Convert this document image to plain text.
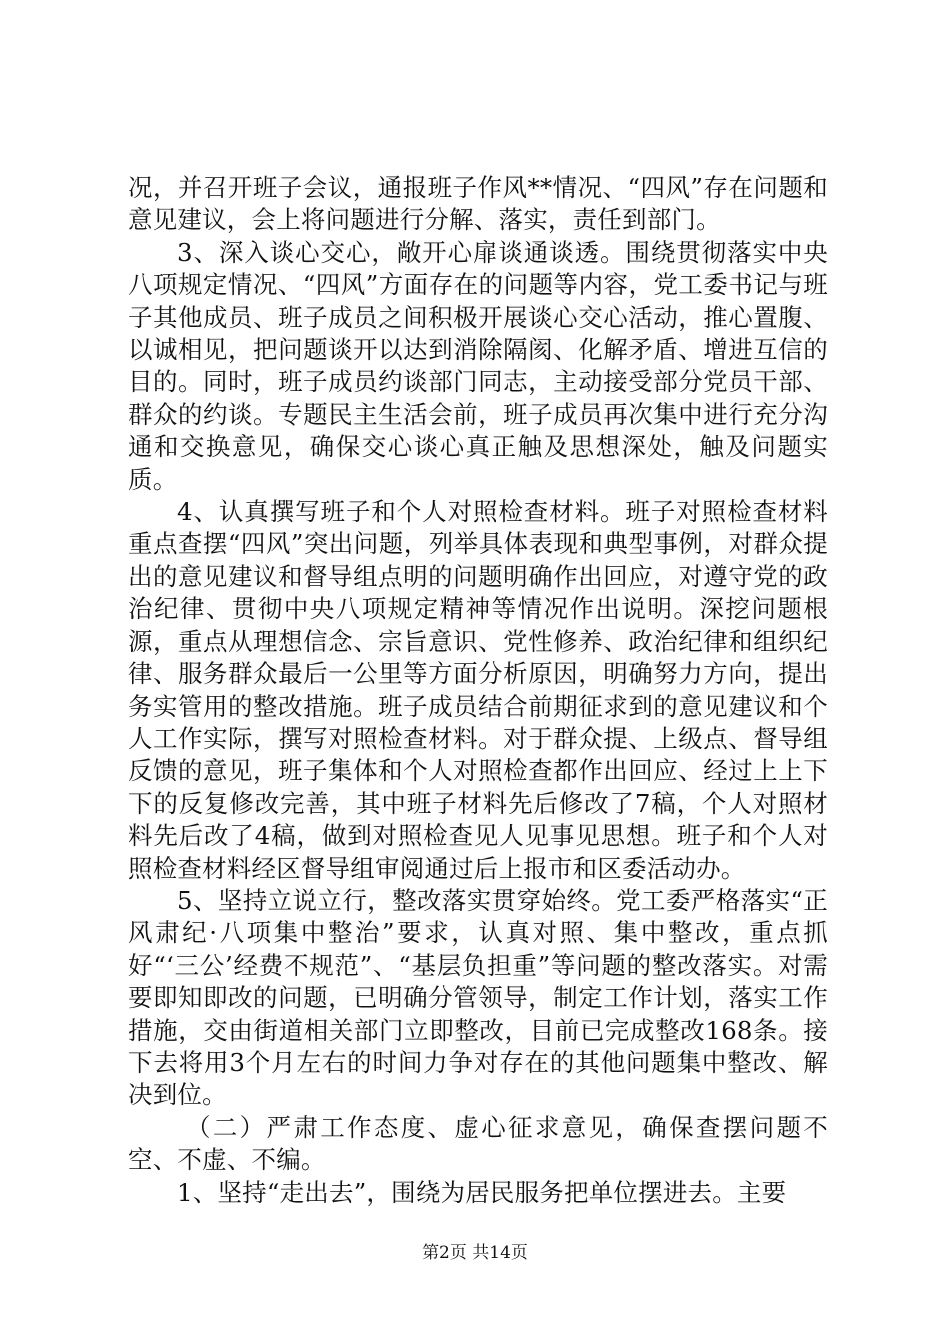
况，并召开班子会议，通报班子作风**情况、“四风”存在问题和意见建议，会上将问题进行分解、落实，责任到部门。

3、深入谈心交心，敞开心扉谈通谈透。围绕贯彻落实中央八项规定情况、“四风”方面存在的问题等内容，党工委书记与班子其他成员、班子成员之间积极开展谈心交心活动，推心置腹、以诚相见，把问题谈开以达到消除隔阂、化解矛盾、增进互信的目的。同时，班子成员约谈部门同志，主动接受部分党员干部、群众的约谈。专题民主生活会前，班子成员再次集中进行充分沟通和交换意见，确保交心谈心真正触及思想深处，触及问题实质。

4、认真撰写班子和个人对照检查材料。班子对照检查材料重点查摆“四风”突出问题，列举具体表现和典型事例，对群众提出的意见建议和督导组点明的问题明确作出回应，对遵守党的政治纪律、贯彻中央八项规定精神等情况作出说明。深挖问题根源，重点从理想信念、宗旨意识、党性修养、政治纪律和组织纪律、服务群众最后一公里等方面分析原因，明确努力方向，提出务实管用的整改措施。班子成员结合前期征求到的意见建议和个人工作实际，撰写对照检查材料。对于群众提、上级点、督导组反馈的意见，班子集体和个人对照检查都作出回应、经过上上下下的反复修改完善，其中班子材料先后修改了7稿，个人对照材料先后改了4稿，做到对照检查见人见事见思想。班子和个人对照检查材料经区督导组审阅通过后上报市和区委活动办。

5、坚持立说立行，整改落实贯穿始终。党工委严格落实“正风肃纪·八项集中整治”要求，认真对照、集中整改，重点抓好“‘三公’经费不规范”、“基层负担重”等问题的整改落实。对需要即知即改的问题，已明确分管领导，制定工作计划，落实工作措施，交由街道相关部门立即整改，目前已完成整改168条。接下去将用3个月左右的时间力争对存在的其他问题集中整改、解决到位。

（二）严肃工作态度、虚心征求意见，确保查摆问题不空、不虚、不编。

1、坚持“走出去”，围绕为居民服务把单位摆进去。主要

第2页 共14页
